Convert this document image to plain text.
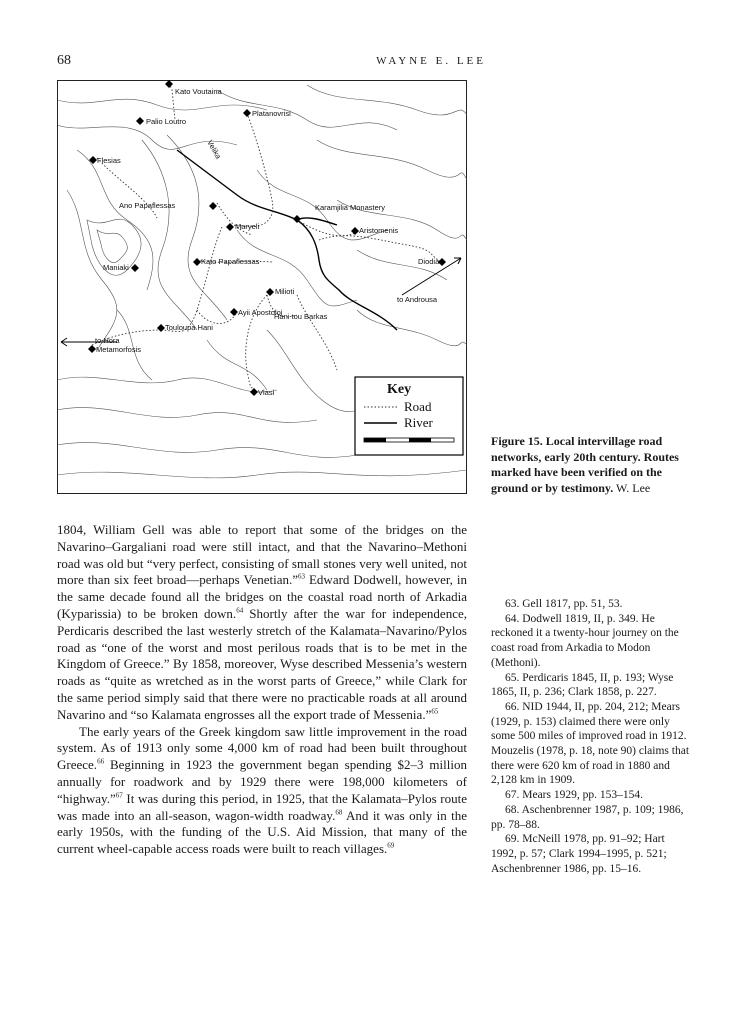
68	WAYNE E. LEE
Kato Voutaina
Platanovrisi
Palio Loutro
Velika
Flesias
Karamjilia Monastery
Ano Papaflessas
Maryeli	Aristomenis
Diodia
Maniaki
Kato Papaflessas
to Androusa
Milioti
Ayii Apostoloi
Hani tou Barkas
Touloupa Hani
to Hora
Metamorfosis
Vlasi	Key
Road
River
Figure 15. Local intervillage road networks, early 20th century. Routes marked have been verified on the ground or by testimony. W. Lee

1804, William Gell was able to report that some of the bridges on the Navarino–Gargaliani road were still intact, and that the Navarino–Methoni road was old but “very perfect, consisting of small stones very well united, not more than six feet broad—perhaps Venetian.”$^{63}$ Edward Dodwell, however, in the same decade found all the bridges on the coastal road north of Arkadia (Kyparissia) to be broken down.$^{64}$ Shortly after the war for independence, Perdicaris described the last westerly stretch of the Kalamata–Navarino/Pylos road as “one of the worst and most perilous roads that is to be met in the Kingdom of Greece.” By 1858, moreover, Wyse described Messenia’s western roads as “quite as wretched as in the worst parts of Greece,” while Clark for the same period simply said that there were no practicable roads at all around Navarino and “so Kalamata engrosses all the export trade of Messenia.”$^{65}$

The early years of the Greek kingdom saw little improvement in the road system. As of 1913 only some 4,000 km of road had been built throughout Greece.$^{66}$ Beginning in 1923 the government began spending $2–3 million annually for roadwork and by 1929 there were 198,000 kilometers of “highway.”$^{67}$ It was during this period, in 1925, that the Kalamata–Pylos route was made into an all-season, wagon-width roadway.$^{68}$ And it was only in the early 1950s, with the funding of the U.S. Aid Mission, that many of the current wheel-capable access roads were built to reach villages.$^{69}$

63. Gell 1817, pp. 51, 53.

64. Dodwell 1819, II, p. 349. He reckoned it a twenty-hour journey on the coast road from Arkadia to Modon (Methoni).

65. Perdicaris 1845, II, p. 193; Wyse 1865, II, p. 236; Clark 1858, p. 227.

66. NID 1944, II, pp. 204, 212; Mears (1929, p. 153) claimed there were only some 500 miles of improved road in 1912. Mouzelis (1978, p. 18, note 90) claims that there were 620 km of road in 1880 and 2,128 km in 1909.

67. Mears 1929, pp. 153–154.

68. Aschenbrenner 1987, p. 109; 1986, pp. 78–88.

69. McNeill 1978, pp. 91–92; Hart 1992, p. 57; Clark 1994–1995, p. 521; Aschenbrenner 1986, pp. 15–16.
